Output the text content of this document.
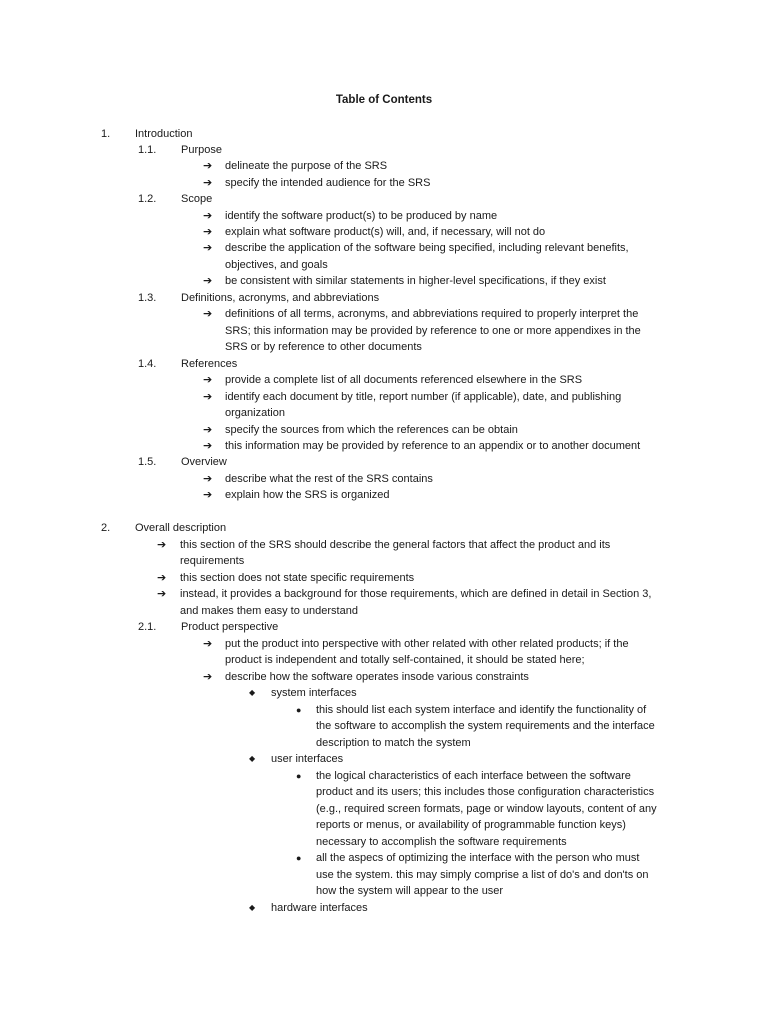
Table of Contents
1. Introduction
1.1. Purpose
➔ delineate the purpose of the SRS
➔ specify the intended audience for the SRS
1.2. Scope
➔ identify the software product(s) to be produced by name
➔ explain what software product(s) will, and, if necessary, will not do
➔ describe the application of the software being specified, including relevant benefits,
objectives, and goals
➔ be consistent with similar statements in higher-level specifications, if they exist
1.3. Definitions, acronyms, and abbreviations
➔ definitions of all terms, acronyms, and abbreviations required to properly interpret the
SRS; this information may be provided by reference to one or more appendixes in the
SRS or by reference to other documents
1.4. References
➔ provide a complete list of all documents referenced elsewhere in the SRS
➔ identify each document by title, report number (if applicable), date, and publishing
organization
➔ specify the sources from which the references can be obtain
➔ this information may be provided by reference to an appendix or to another document
1.5. Overview
➔ describe what the rest of the SRS contains
➔ explain how the SRS is organized
2. Overall description
➔ this section of the SRS should describe the general factors that affect the product and its
requirements
➔ this section does not state specific requirements
➔ instead, it provides a background for those requirements, which are defined in detail in Section 3,
and makes them easy to understand
2.1. Product perspective
➔ put the product into perspective with other related with other related products; if the
product is independent and totally self-contained, it should be stated here;
➔ describe how the software operates insode various constraints
◆ system interfaces
● this should list each system interface and identify the functionality of
the software to accomplish the system requirements and the interface
description to match the system
◆ user interfaces
● the logical characteristics of each interface between the software
product and its users; this includes those configuration characteristics
(e.g., required screen formats, page or window layouts, content of any
reports or menus, or availability of programmable function keys)
necessary to accomplish the software requirements
● all the aspecs of optimizing the interface with the person who must
use the system. this may simply comprise a list of do's and don'ts on
how the system will appear to the user
◆ hardware interfaces
